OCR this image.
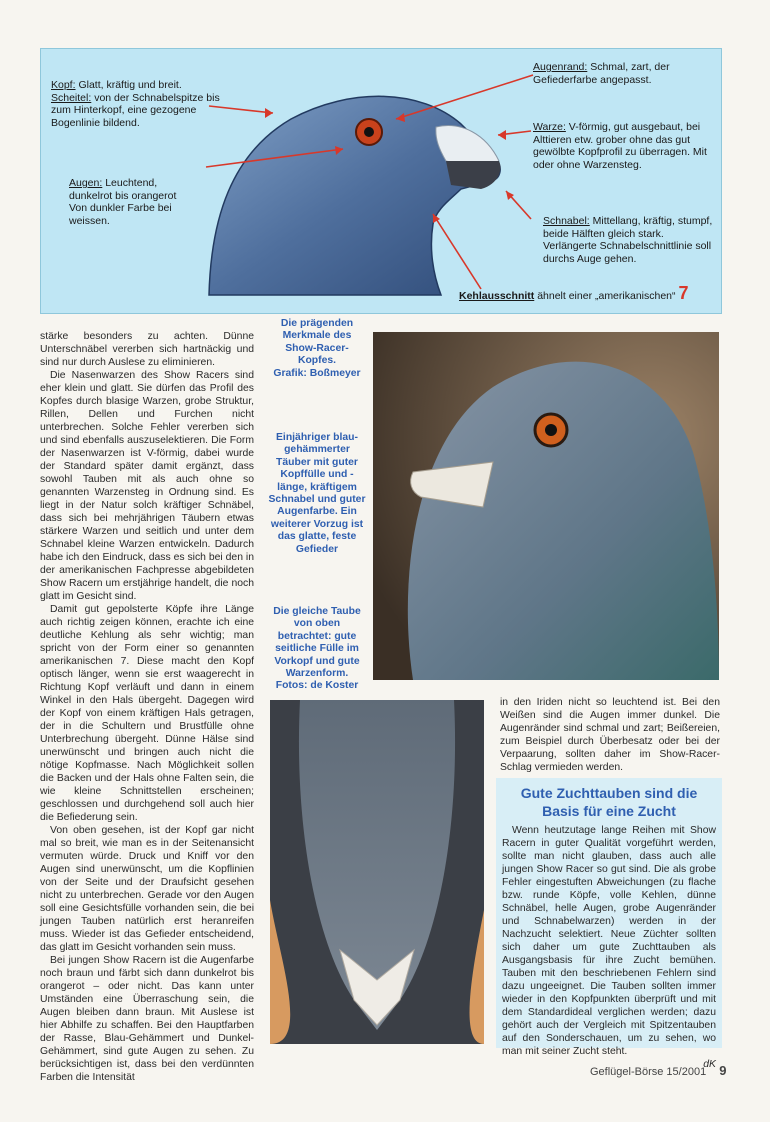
Kopf: Glatt, kräftig und breit.
Scheitel: von der Schnabelspitze bis zum Hinterkopf, eine gezogene Bogenlinie bildend.
Augen: Leuchtend, dunkelrot bis orangerot Von dunkler Farbe bei weissen.
Augenrand: Schmal, zart, der Gefiederfarbe angepasst.
Warze: V-förmig, gut ausgebaut, bei Alttieren etw. grober ohne das gut gewölbte Kopfprofil zu überragen. Mit oder ohne Warzensteg.
Schnabel: Mittellang, kräftig, stumpf, beide Hälften gleich stark. Verlängerte Schnabelschnittlinie soll durchs Auge gehen.
Kehlausschnitt ähnelt einer „amerikanischen“ 7

stärke besonders zu achten. Dünne Unterschnäbel vererben sich hartnäckig und sind nur durch Auslese zu eliminieren.

Die Nasenwarzen des Show Racers sind eher klein und glatt. Sie dürfen das Profil des Kopfes durch blasige Warzen, grobe Struktur, Rillen, Dellen und Furchen nicht unterbrechen. Solche Fehler vererben sich und sind ebenfalls auszuselektieren. Die Form der Nasenwarzen ist V-förmig, dabei wurde der Standard später damit ergänzt, dass sowohl Tauben mit als auch ohne so genannten Warzensteg in Ordnung sind. Es liegt in der Natur solch kräftiger Schnäbel, dass sich bei mehrjährigen Täubern etwas stärkere Warzen und seitlich und unter dem Schnabel kleine Warzen entwickeln. Dadurch habe ich den Eindruck, dass es sich bei den in der amerikanischen Fachpresse abgebildeten Show Racern um erstjährige handelt, die noch glatt im Gesicht sind.

Damit gut gepolsterte Köpfe ihre Länge auch richtig zeigen können, erachte ich eine deutliche Kehlung als sehr wichtig; man spricht von der Form einer so genannten amerikanischen 7. Diese macht den Kopf optisch länger, wenn sie erst waagerecht in Richtung Kopf verläuft und dann in einem Winkel in den Hals übergeht. Dagegen wird der Kopf von einem kräftigen Hals getragen, der in die Schultern und Brustfülle ohne Unterbrechung übergeht. Dünne Hälse sind unerwünscht und bringen auch nicht die nötige Kopfmasse. Nach Möglichkeit sollen die Backen und der Hals ohne Falten sein, die wie kleine Schnittstellen erscheinen; geschlossen und durchgehend soll auch hier die Befiederung sein.

Von oben gesehen, ist der Kopf gar nicht mal so breit, wie man es in der Seitenansicht vermuten würde. Druck und Kniff vor den Augen sind unerwünscht, um die Kopflinien von der Seite und der Draufsicht gesehen nicht zu unterbrechen. Gerade vor den Augen soll eine Gesichtsfülle vorhanden sein, die bei jungen Tauben natürlich erst heranreifen muss. Wieder ist das Gefieder entscheidend, das glatt im Gesicht vorhanden sein muss.

Bei jungen Show Racern ist die Augenfarbe noch braun und färbt sich dann dunkelrot bis orangerot – oder nicht. Das kann unter Umständen eine Überraschung sein, die Augen bleiben dann braun. Mit Auslese ist hier Abhilfe zu schaffen. Bei den Hauptfarben der Rasse, Blau-Gehämmert und Dunkel-Gehämmert, sind gute Augen zu sehen. Zu berücksichtigen ist, dass bei den verdünnten Farben die Intensität

Die prägenden Merkmale des Show-Racer-Kopfes.
Grafik: Boßmeyer
Einjähriger blau-gehämmerter Täuber mit guter Kopffülle und -länge, kräftigem Schnabel und guter Augenfarbe. Ein weiterer Vorzug ist das glatte, feste Gefieder
Die gleiche Taube von oben betrachtet: gute seitliche Fülle im Vorkopf und gute Warzenform.
Fotos: de Koster

in den Iriden nicht so leuchtend ist. Bei den Weißen sind die Augen immer dunkel. Die Augenränder sind schmal und zart; Beißereien, zum Beispiel durch Überbesatz oder bei der Verpaarung, sollten daher im Show-Racer-Schlag vermieden werden.

Gute Zuchttauben sind die Basis für eine Zucht

Wenn heutzutage lange Reihen mit Show Racern in guter Qualität vorgeführt werden, sollte man nicht glauben, dass auch alle jungen Show Racer so gut sind. Die als grobe Fehler eingestuften Abweichungen (zu flache bzw. runde Köpfe, volle Kehlen, dünne Schnäbel, helle Augen, grobe Augenränder und Schnabelwarzen) werden in der Nachzucht selektiert. Neue Züchter sollten sich daher um gute Zuchttauben als Ausgangsbasis für ihre Zucht bemühen. Tauben mit den beschriebenen Fehlern sind dazu ungeeignet. Die Tauben sollten immer wieder in den Kopfpunkten überprüft und mit dem Standardideal verglichen werden; dazu gehört auch der Vergleich mit Spitzentauben auf den Sonderschauen, um zu sehen, wo man mit seiner Zucht steht.

dK
Geflügel-Börse 15/2001 9
